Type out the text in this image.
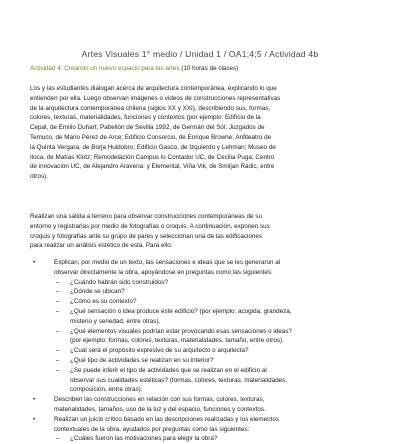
Artes Visuales 1° medio / Unidad 1 / OA1;4;5 / Actividad 4b
Actividad 4: Creando un nuevo espacio para las artes (10 horas de clases)
Los y las estudiantes dialogan acerca de arquitectura contemporánea, explicando lo que
entienden por ella. Luego observan imágenes o videos de construcciones representativas
de la arquitectura contemporánea chilena (siglos XX y XXI), describiendo sus, formas,
colores, texturas, materialidades, funciones y contextos (por ejemplo: Edificio de la
Cepal, de Emilio Duhart; Pabellón de Sevilla 1992, de Germán del Sol; Juzgados de
Temuco, de Mario Pérez de Arce; Edificio Consorcio, de Enrique Browne; Anfiteatro de
la Quinta Vergara, de Borja Huidobro; Edificio Gasco, de Izquierdo y Lehman; Museo de
Iloca, de Matías Klotz; Remodelación Campus lo Contador UC, de Cecilia Puga; Centro
de innovación UC, de Alejandro Aravena: y Elemental, Viña Vik, de Smiljan Radic, entre
otros).
Realizan una salida a terreno para observar construcciones contemporáneas de su
entorno y registrarlas por medio de fotografías o croquis. A continuación, exponen sus
croquis y fotografías ante su grupo de pares y seleccionan una de las edificaciones
para realizar un análisis estético de esta. Para ello:
•	Explican, por medio de un texto, las sensaciones e ideas que se les generaron al
observar directamente la obra, apoyándose en preguntas como las siguientes:
– ¿Cuándo habrán sido construidos?
– ¿Dónde se ubican?
– ¿Cómo es su contexto?
– ¿Qué sensación o idea produce este edificio? (por ejemplo: acogida, grandeza,
misterio y seriedad, entre otras).
– ¿Qué elementos visuales podrían estar provocando esas sensaciones o ideas?
(por ejemplo: formas, colores, texturas, materialidades, tamaño, entre otros).
– ¿Cuál será el propósito expresivo de su arquitecto o arquitecta?
– ¿Qué tipo de actividades se realizan en su interior?
– ¿Se puede inferir el tipo de actividades que se realizan en el edificio al
observar sus cualidades estéticas? (formas, colores, texturas, materialidades,
composición, entre otras).
•	Describen las construcciones en relación con sus formas, colores, texturas,
materialidades, tamaños, uso de la luz y del espacio, funciones y contextos.
•	Realizan un juicio crítico basado en las descripciones realizadas y los elementos
contextuales de la obra, ayudados por preguntas como las siguientes:
– ¿Cuáles fueron las motivaciones para elegir la obra?
